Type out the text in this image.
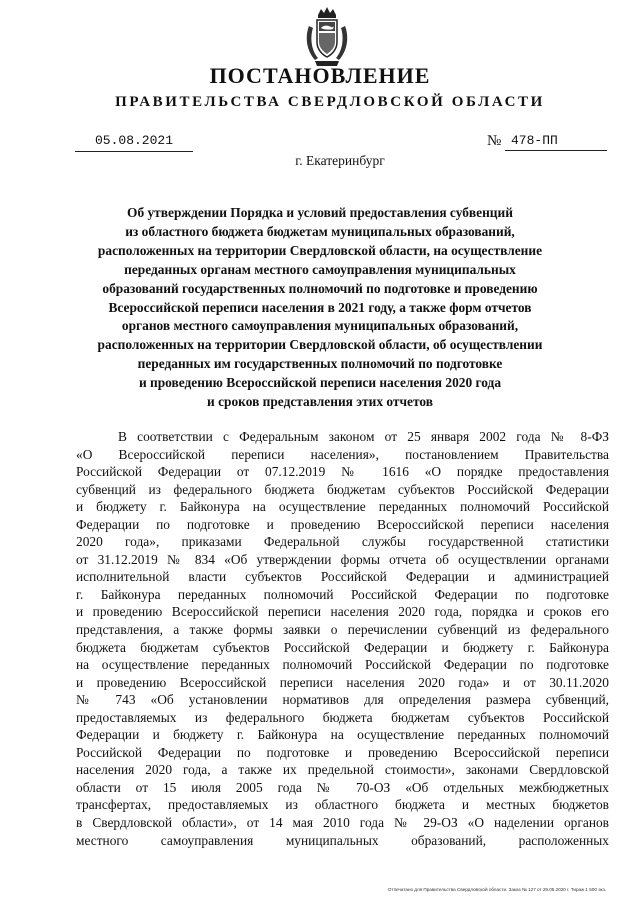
ПОСТАНОВЛЕНИЕ
ПРАВИТЕЛЬСТВА СВЕРДЛОВСКОЙ ОБЛАСТИ
05.08.2021	№ 478-ПП
г. Екатеринбург
Об утверждении Порядка и условий предоставления субвенций
из областного бюджета бюджетам муниципальных образований,
расположенных на территории Свердловской области, на осуществление
переданных органам местного самоуправления муниципальных
образований государственных полномочий по подготовке и проведению
Всероссийской переписи населения в 2021 году, а также форм отчетов
органов местного самоуправления муниципальных образований,
расположенных на территории Свердловской области, об осуществлении
переданных им государственных полномочий по подготовке
и проведению Всероссийской переписи населения 2020 года
и сроков представления этих отчетов
В соответствии с Федеральным законом от 25 января 2002 года № 8-ФЗ
«О Всероссийской переписи населения», постановлением Правительства
Российской Федерации от 07.12.2019 № 1616 «О порядке предоставления
субвенций из федерального бюджета бюджетам субъектов Российской Федерации
и бюджету г. Байконура на осуществление переданных полномочий Российской
Федерации по подготовке и проведению Всероссийской переписи населения
2020 года», приказами Федеральной службы государственной статистики
от 31.12.2019 № 834 «Об утверждении формы отчета об осуществлении органами
исполнительной власти субъектов Российской Федерации и администрацией
г. Байконура переданных полномочий Российской Федерации по подготовке
и проведению Всероссийской переписи населения 2020 года, порядка и сроков его
представления, а также формы заявки о перечислении субвенций из федерального
бюджета бюджетам субъектов Российской Федерации и бюджету г. Байконура
на осуществление переданных полномочий Российской Федерации по подготовке
и проведению Всероссийской переписи населения 2020 года» и от 30.11.2020
№ 743 «Об установлении нормативов для определения размера субвенций,
предоставляемых из федерального бюджета бюджетам субъектов Российской
Федерации и бюджету г. Байконура на осуществление переданных полномочий
Российской Федерации по подготовке и проведению Всероссийской переписи
населения 2020 года, а также их предельной стоимости», законами Свердловской
области от 15 июля 2005 года № 70-ОЗ «Об отдельных межбюджетных
трансфертах, предоставляемых из областного бюджета и местных бюджетов
в Свердловской области», от 14 мая 2010 года № 29-ОЗ «О наделении органов
местного самоуправления муниципальных образований, расположенных
Отпечатано для Правительства Свердловской области. Заказ № 127 от 29.05.2020 г. Тираж 1 500 экз.
